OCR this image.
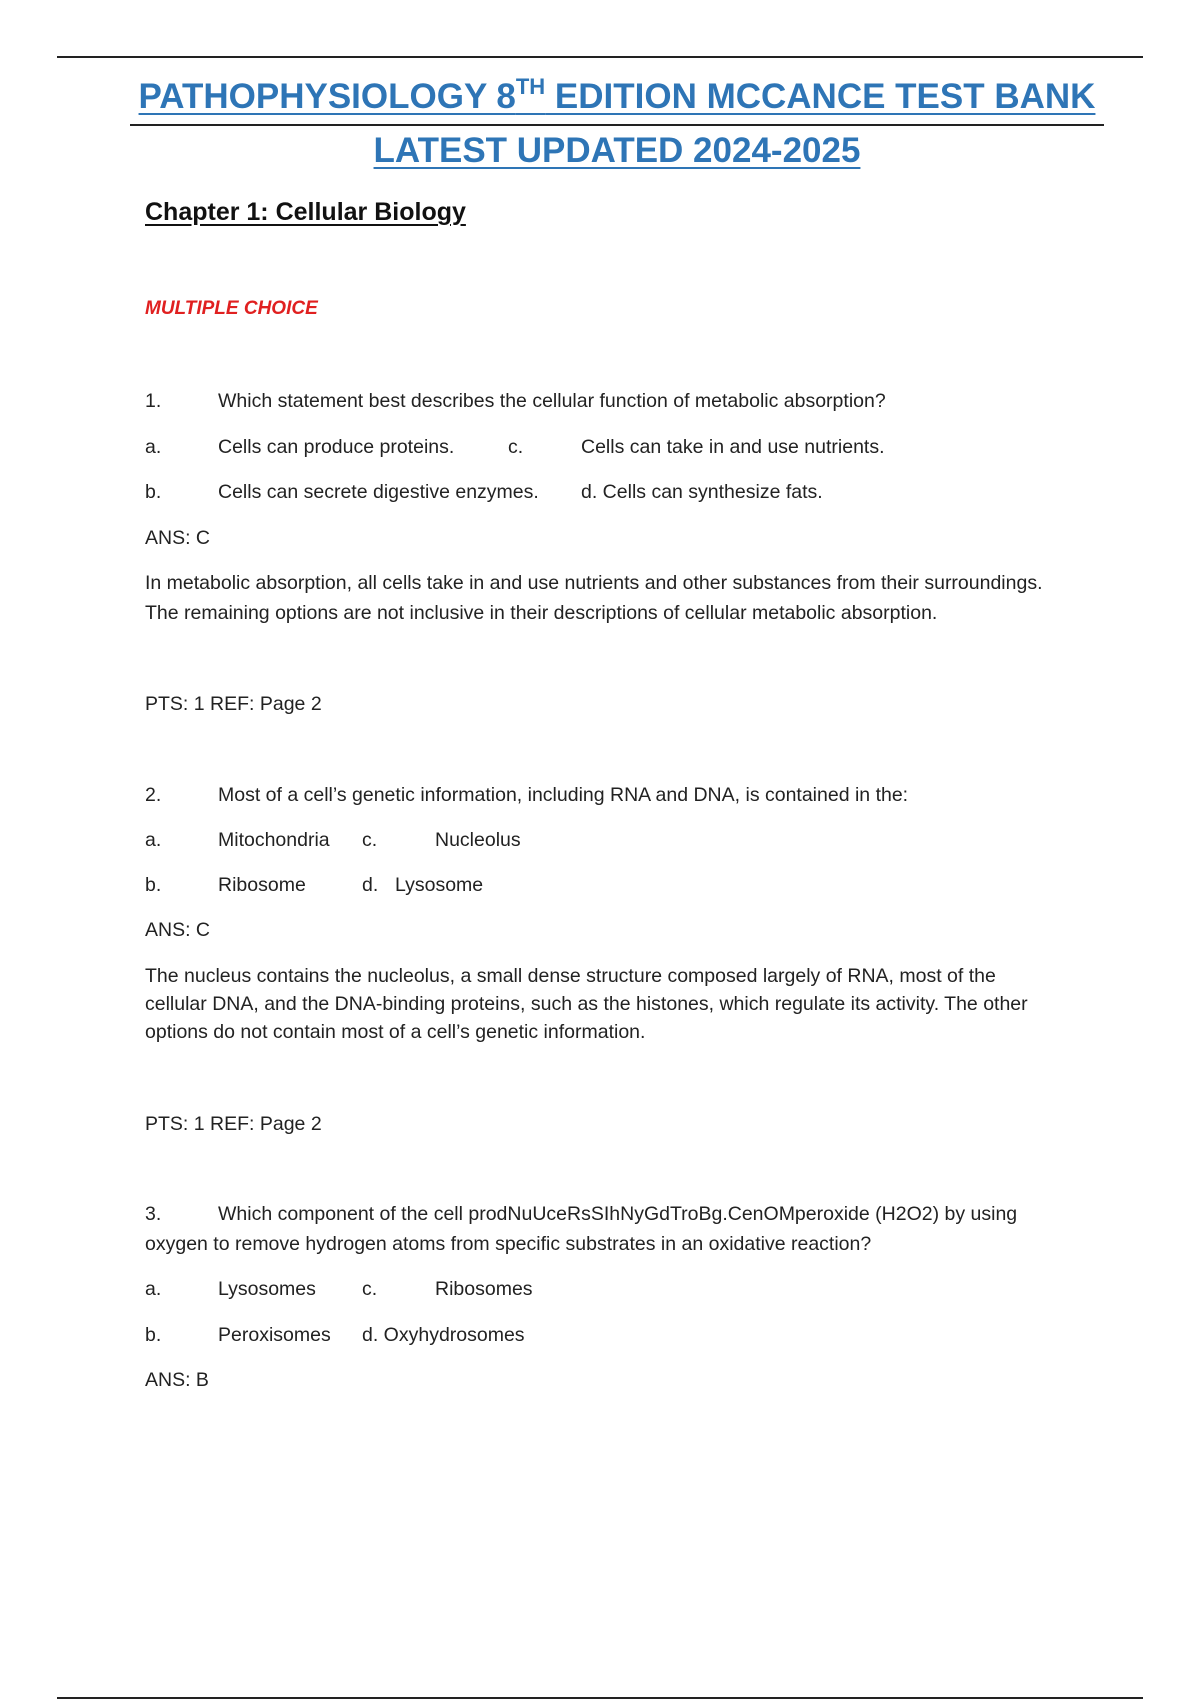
PATHOPHYSIOLOGY 8TH EDITION MCCANCE TEST BANK
LATEST UPDATED 2024-2025
Chapter 1: Cellular Biology
MULTIPLE CHOICE
1.	Which statement best describes the cellular function of metabolic absorption?
a.	Cells can produce proteins.	c.	Cells can take in and use nutrients.
b.	Cells can secrete digestive enzymes. d. Cells can synthesize fats.
ANS: C
In metabolic absorption, all cells take in and use nutrients and other substances from their surroundings.
The remaining options are not inclusive in their descriptions of cellular metabolic absorption.
PTS: 1 REF: Page 2
2.	Most of a cell’s genetic information, including RNA and DNA, is contained in the:
a.	Mitochondria c.	Nucleolus
b.	Ribosome	d. Lysosome
ANS: C
The nucleus contains the nucleolus, a small dense structure composed largely of RNA, most of the
cellular DNA, and the DNA-binding proteins, such as the histones, which regulate its activity. The other
options do not contain most of a cell’s genetic information.
PTS: 1 REF: Page 2
3.	Which component of the cell prodNuUceRsSIhNyGdTroBg.CenOMperoxide (H2O2) by using
oxygen to remove hydrogen atoms from specific substrates in an oxidative reaction?
a.	Lysosomes c.	Ribosomes
b.	Peroxisomes d. Oxyhydrosomes
ANS: B
